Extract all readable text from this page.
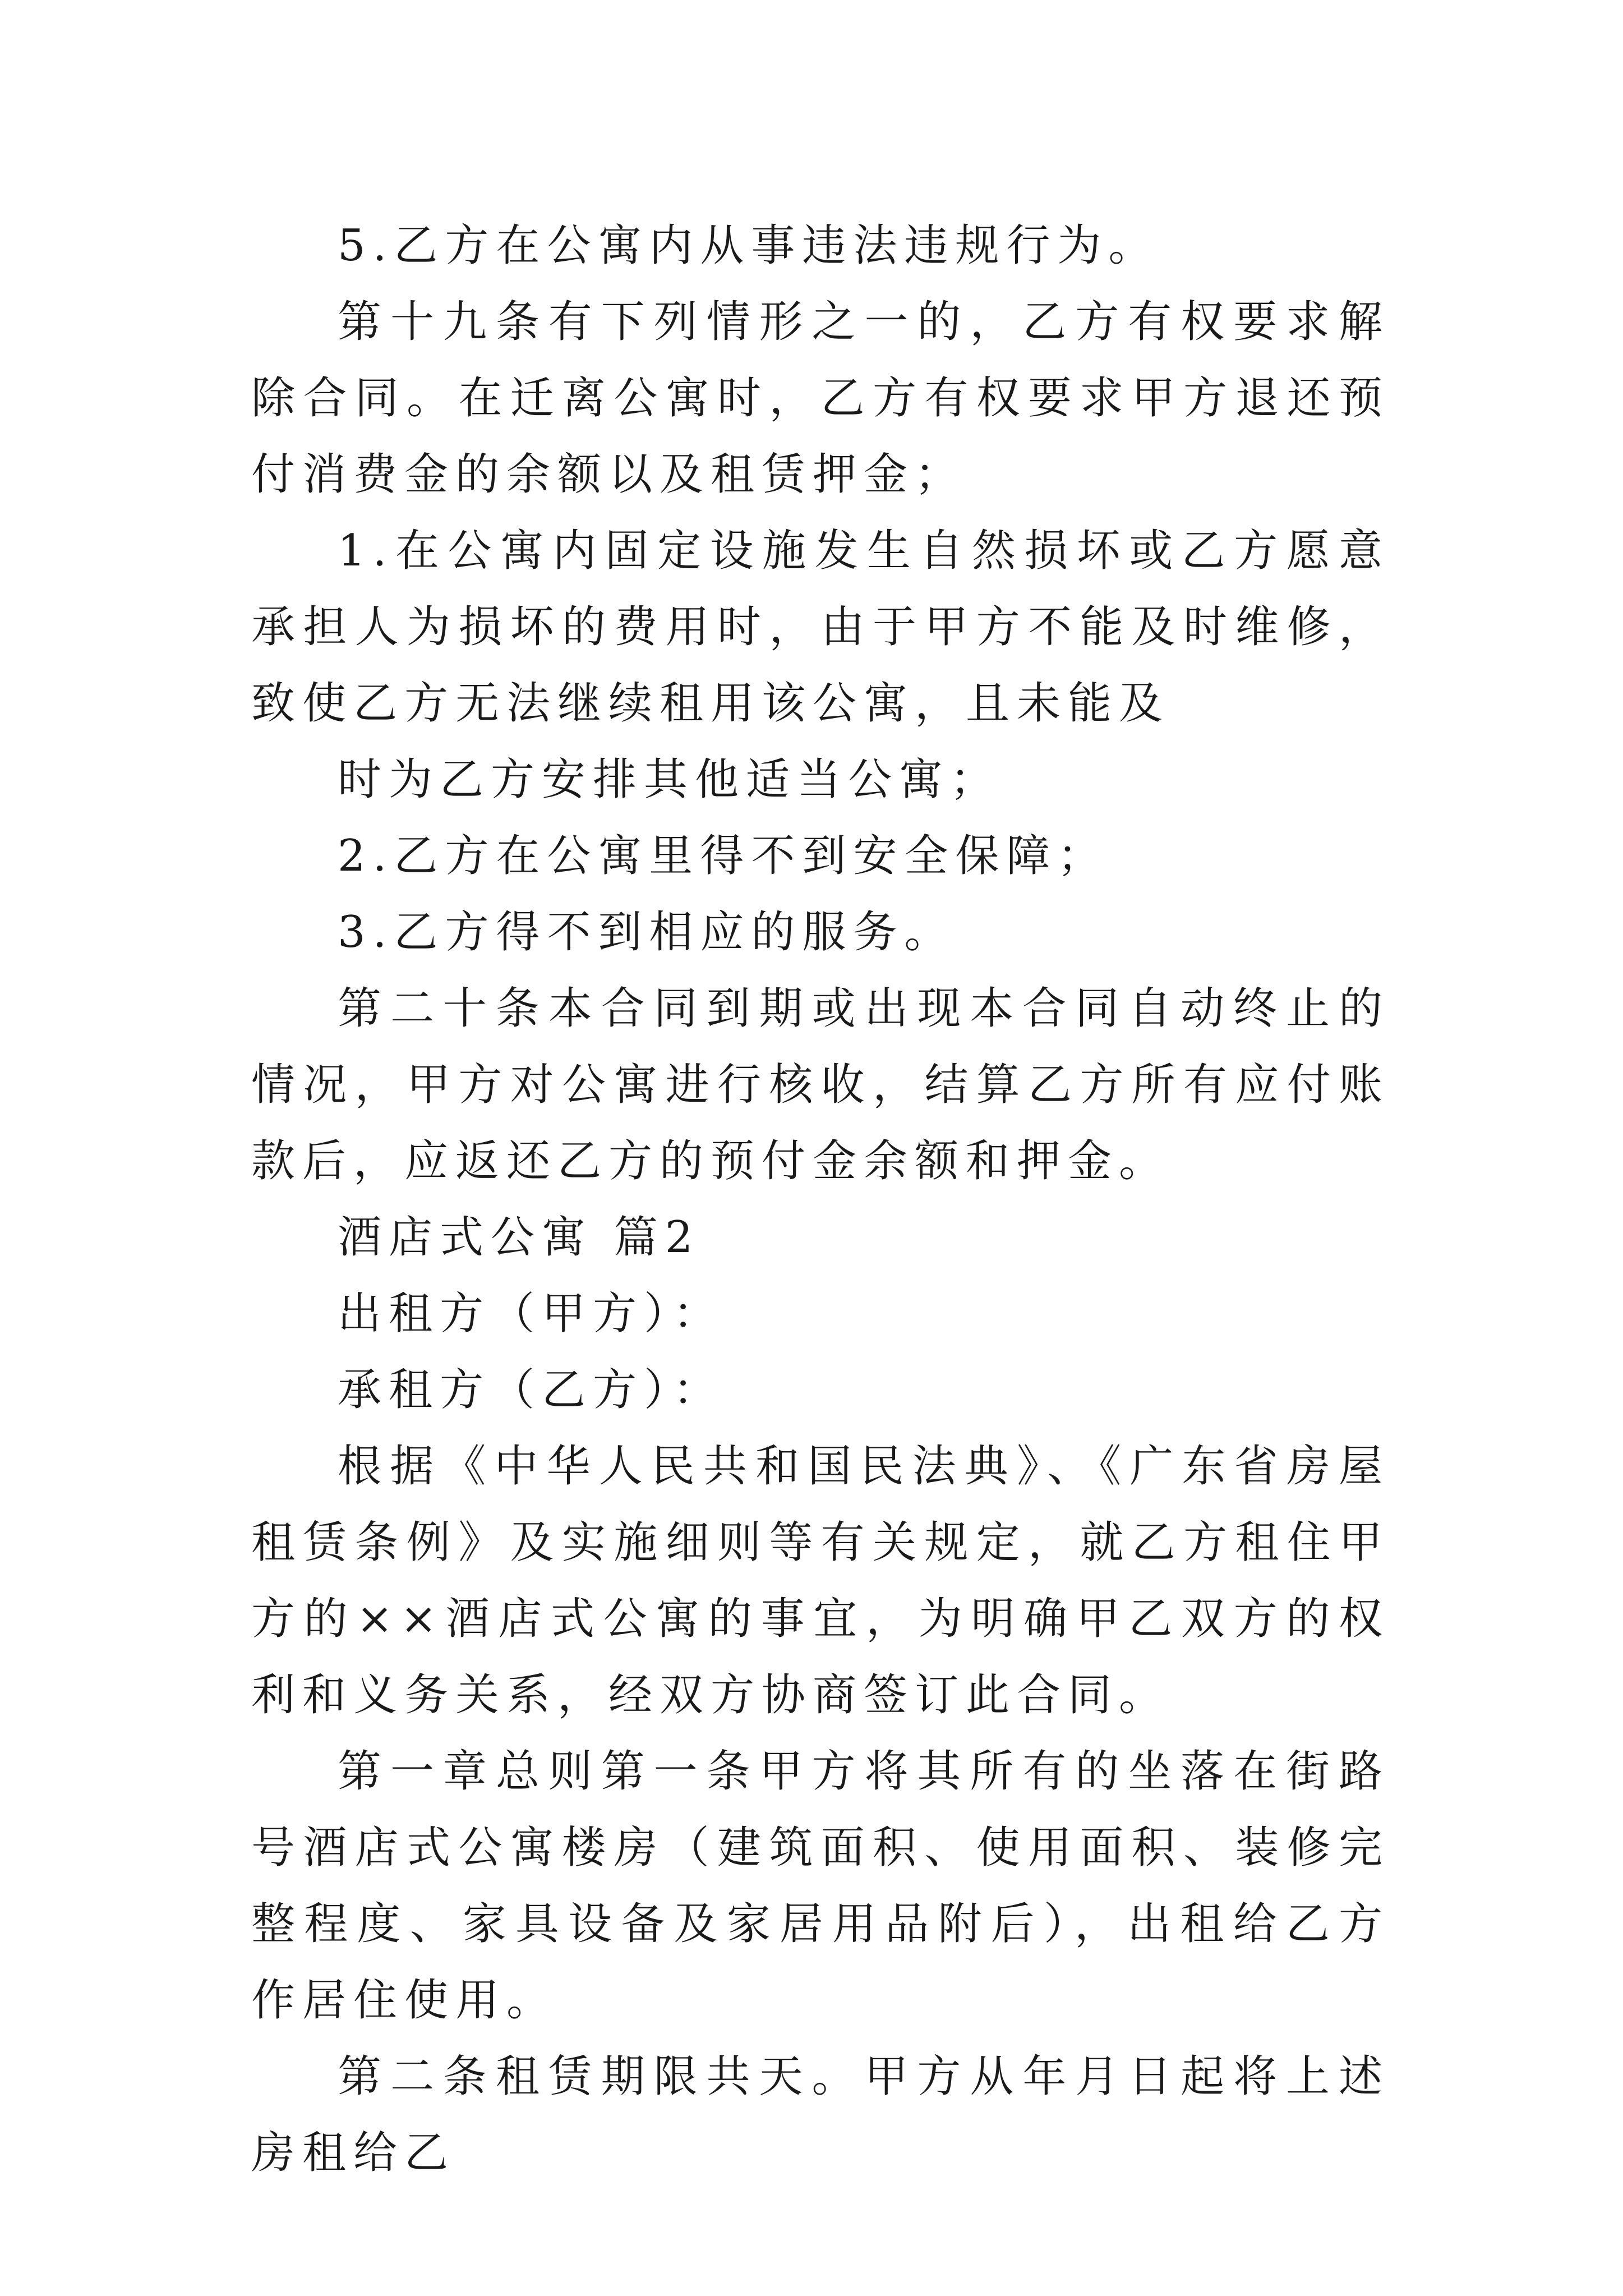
5.乙方在公寓内从事违法违规行为。

第十九条有下列情形之一的，乙方有权要求解除合同。在迁离公寓时，乙方有权要求甲方退还预付消费金的余额以及租赁押金；

1.在公寓内固定设施发生自然损坏或乙方愿意承担人为损坏的费用时，由于甲方不能及时维修，致使乙方无法继续租用该公寓，且未能及

时为乙方安排其他适当公寓；

2.乙方在公寓里得不到安全保障；

3.乙方得不到相应的服务。

第二十条本合同到期或出现本合同自动终止的情况，甲方对公寓进行核收，结算乙方所有应付账款后，应返还乙方的预付金余额和押金。

酒店式公寓 篇2

出租方（甲方）：

承租方（乙方）：

根据《中华人民共和国民法典》、《广东省房屋租赁条例》及实施细则等有关规定，就乙方租住甲方的××酒店式公寓的事宜，为明确甲乙双方的权利和义务关系，经双方协商签订此合同。

第一章总则第一条甲方将其所有的坐落在街路号酒店式公寓楼房（建筑面积、使用面积、装修完整程度、家具设备及家居用品附后），出租给乙方作居住使用。

第二条租赁期限共天。甲方从年月日起将上述房租给乙
